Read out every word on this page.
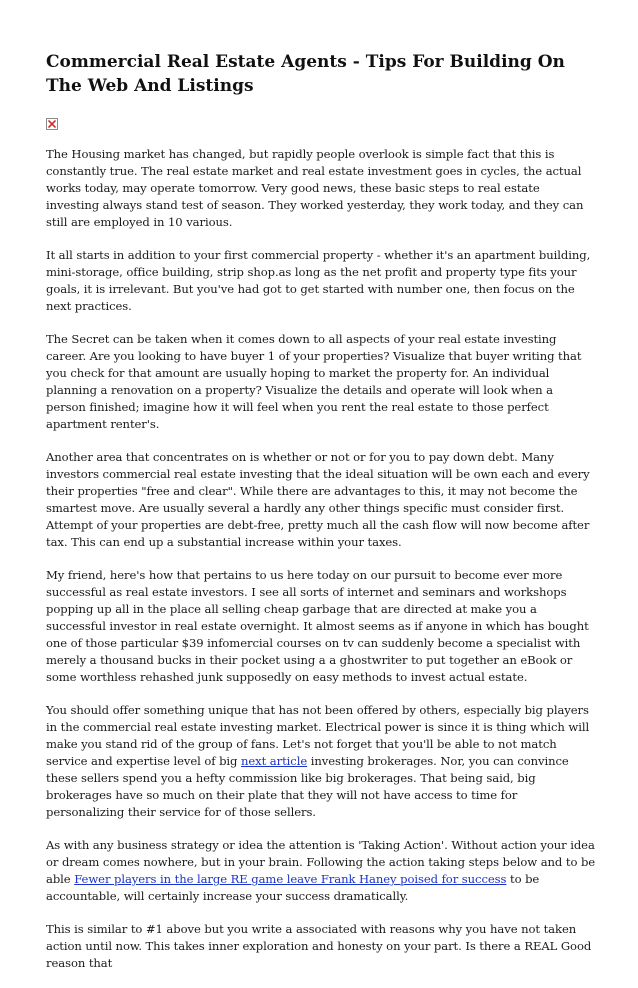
Commercial Real Estate Agents - Tips For Building On The Web And Listings

The Housing market has changed, but rapidly people overlook is simple fact that this is constantly true. The real estate market and real estate investment goes in cycles, the actual works today, may operate tomorrow. Very good news, these basic steps to real estate investing always stand test of season. They worked yesterday, they work today, and they can still are employed in 10 various.

It all starts in addition to your first commercial property - whether it's an apartment building, mini-storage, office building, strip shop.as long as the net profit and property type fits your goals, it is irrelevant. But you've had got to get started with number one, then focus on the next practices.

The Secret can be taken when it comes down to all aspects of your real estate investing career. Are you looking to have buyer 1 of your properties? Visualize that buyer writing that you check for that amount are usually hoping to market the property for. An individual planning a renovation on a property? Visualize the details and operate will look when a person finished; imagine how it will feel when you rent the real estate to those perfect apartment renter's.

Another area that concentrates on is whether or not or for you to pay down debt. Many investors commercial real estate investing that the ideal situation will be own each and every their properties "free and clear". While there are advantages to this, it may not become the smartest move. Are usually several a hardly any other things specific must consider first. Attempt of your properties are debt-free, pretty much all the cash flow will now become after tax. This can end up a substantial increase within your taxes.

My friend, here's how that pertains to us here today on our pursuit to become ever more successful as real estate investors. I see all sorts of internet and seminars and workshops popping up all in the place all selling cheap garbage that are directed at make you a successful investor in real estate overnight. It almost seems as if anyone in which has bought one of those particular $39 infomercial courses on tv can suddenly become a specialist with merely a thousand bucks in their pocket using a a ghostwriter to put together an eBook or some worthless rehashed junk supposedly on easy methods to invest actual estate.

You should offer something unique that has not been offered by others, especially big players in the commercial real estate investing market. Electrical power is since it is thing which will make you stand rid of the group of fans. Let's not forget that you'll be able to not match service and expertise level of big next article investing brokerages. Nor, you can convince these sellers spend you a hefty commission like big brokerages. That being said, big brokerages have so much on their plate that they will not have access to time for personalizing their service for of those sellers.

As with any business strategy or idea the attention is 'Taking Action'. Without action your idea or dream comes nowhere, but in your brain. Following the action taking steps below and to be able Fewer players in the large RE game leave Frank Haney poised for success to be accountable, will certainly increase your success dramatically.

This is similar to #1 above but you write a associated with reasons why you have not taken action until now. This takes inner exploration and honesty on your part. Is there a REAL Good reason that
